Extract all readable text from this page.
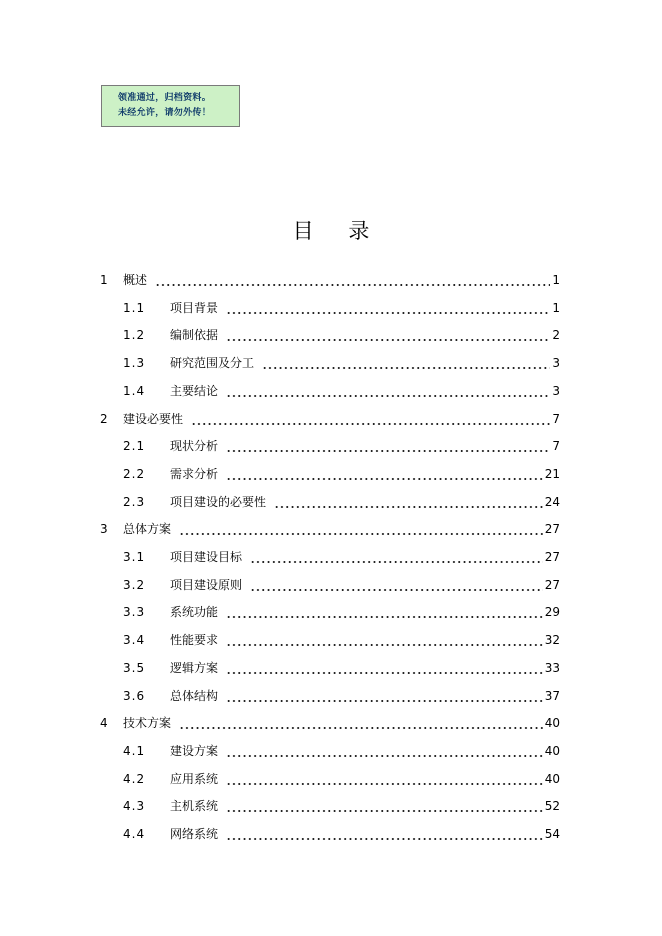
领准通过，归档资料。
未经允许，请勿外传！
目 录
1 概述	1
1.1 项目背景	1
1.2 编制依据	2
1.3 研究范围及分工	3
1.4 主要结论	3
2 建设必要性	7
2.1 现状分析	7
2.2 需求分析	21
2.3 项目建设的必要性	24
3 总体方案	27
3.1 项目建设目标	27
3.2 项目建设原则	27
3.3 系统功能	29
3.4 性能要求	32
3.5 逻辑方案	33
3.6 总体结构	37
4 技术方案	40
4.1 建设方案	40
4.2 应用系统	40
4.3 主机系统	52
4.4 网络系统	54
